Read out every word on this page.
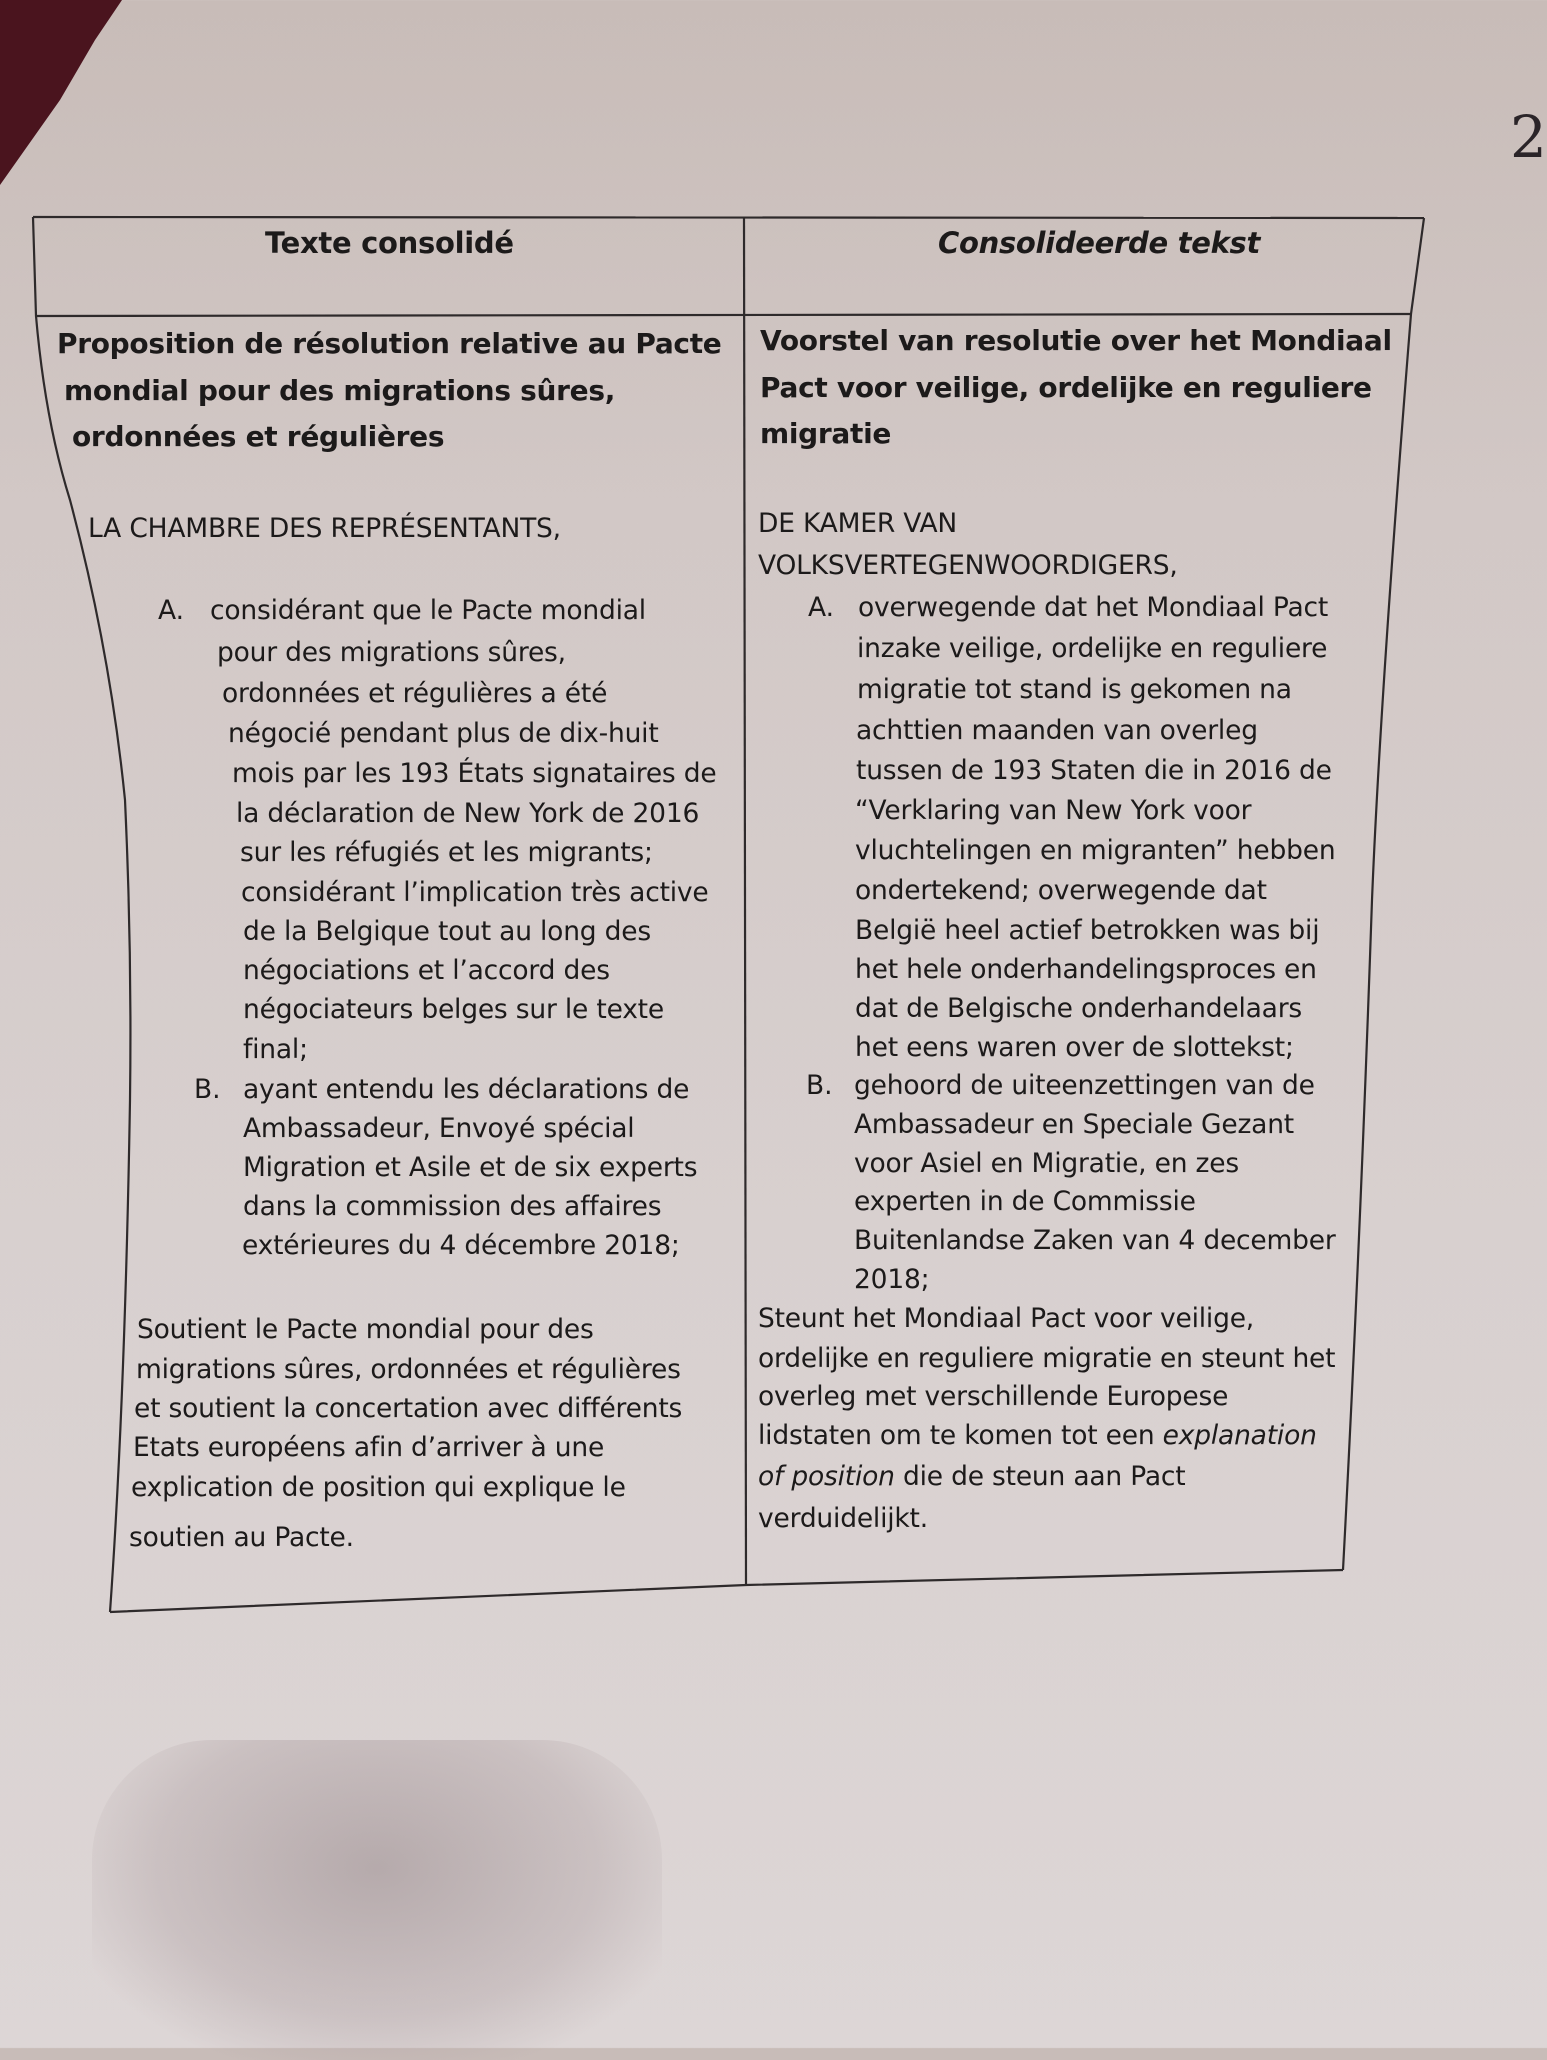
2
Texte consolidé	Consolideerde tekst
Proposition de résolution relative au Pacte
mondial pour des migrations sûres,
ordonnées et régulières
LA CHAMBRE DES REPRÉSENTANTS,
A. considérant que le Pacte mondial
pour des migrations sûres,
ordonnées et régulières a été
négocié pendant plus de dix-huit
mois par les 193 États signataires de
la déclaration de New York de 2016
sur les réfugiés et les migrants;
considérant l’implication très active
de la Belgique tout au long des
négociations et l’accord des
négociateurs belges sur le texte
final;
B. ayant entendu les déclarations de
Ambassadeur, Envoyé spécial
Migration et Asile et de six experts
dans la commission des affaires
extérieures du 4 décembre 2018;
Soutient le Pacte mondial pour des
migrations sûres, ordonnées et régulières
et soutient la concertation avec différents
Etats européens afin d’arriver à une
explication de position qui explique le
soutien au Pacte.
Voorstel van resolutie over het Mondiaal
Pact voor veilige, ordelijke en reguliere
migratie
DE KAMER VAN
VOLKSVERTEGENWOORDIGERS,
A. overwegende dat het Mondiaal Pact
inzake veilige, ordelijke en reguliere
migratie tot stand is gekomen na
achttien maanden van overleg
tussen de 193 Staten die in 2016 de
“Verklaring van New York voor
vluchtelingen en migranten” hebben
ondertekend; overwegende dat
België heel actief betrokken was bij
het hele onderhandelingsproces en
dat de Belgische onderhandelaars
het eens waren over de slottekst;
B. gehoord de uiteenzettingen van de
Ambassadeur en Speciale Gezant
voor Asiel en Migratie, en zes
experten in de Commissie
Buitenlandse Zaken van 4 december
2018;
Steunt het Mondiaal Pact voor veilige,
ordelijke en reguliere migratie en steunt het
overleg met verschillende Europese
lidstaten om te komen tot een explanation
of position die de steun aan Pact
verduidelijkt.
